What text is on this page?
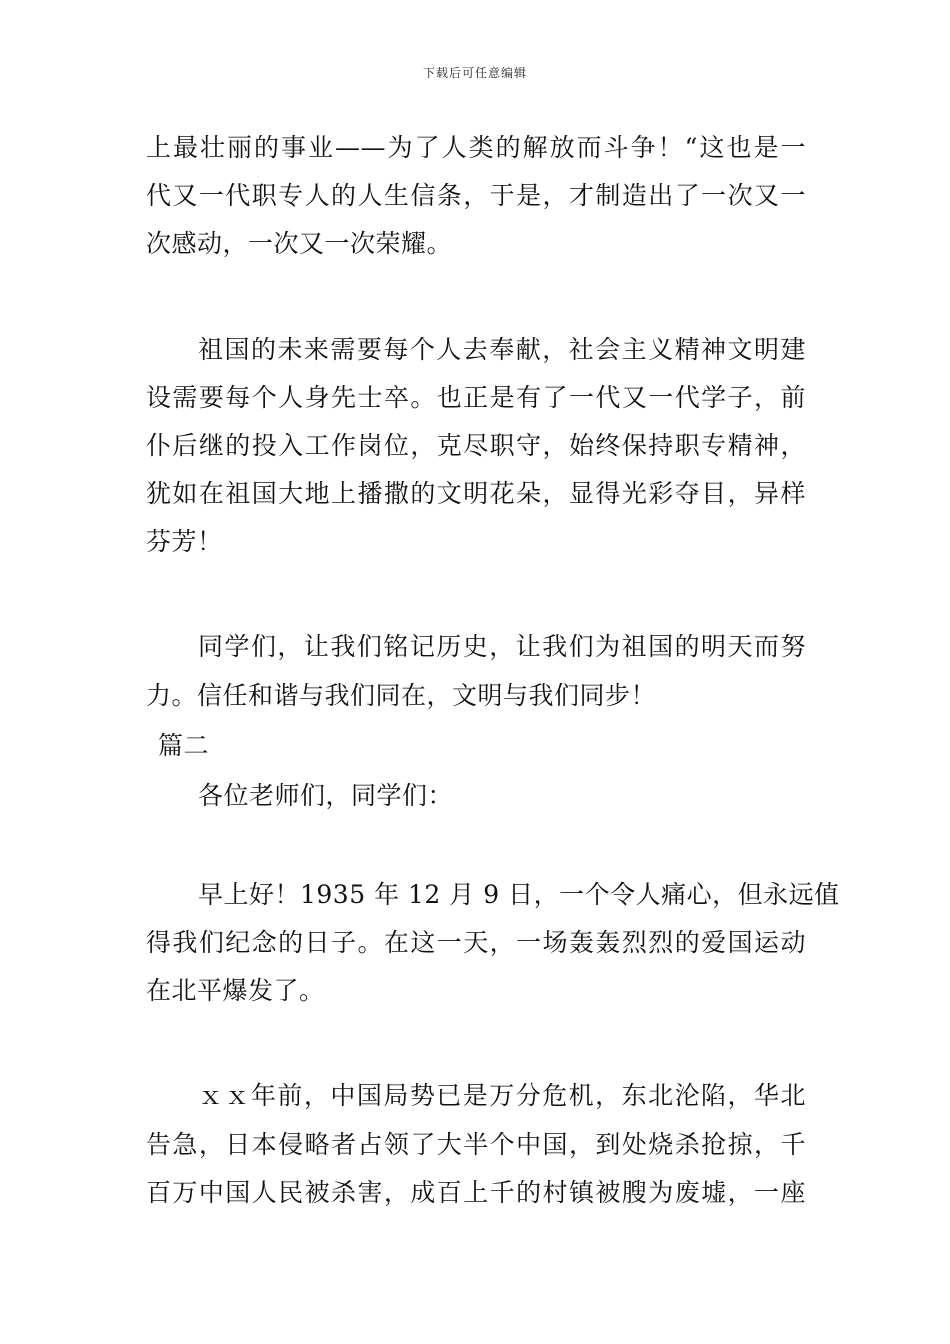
下载后可任意编辑
上最壮丽的事业——为了人类的解放而斗争！“这也是一
代又一代职专人的人生信条，于是，才制造出了一次又一
次感动，一次又一次荣耀。
祖国的未来需要每个人去奉献，社会主义精神文明建
设需要每个人身先士卒。也正是有了一代又一代学子，前
仆后继的投入工作岗位，克尽职守，始终保持职专精神，
犹如在祖国大地上播撒的文明花朵，显得光彩夺目，异样
芬芳！
同学们，让我们铭记历史，让我们为祖国的明天而努
力。信任和谐与我们同在，文明与我们同步！
篇二
各位老师们，同学们：
早上好！1935 年 12 月 9 日，一个令人痛心，但永远值
得我们纪念的日子。在这一天，一场轰轰烈烈的爱国运动
在北平爆发了。
ｘｘ年前，中国局势已是万分危机，东北沦陷，华北
告急，日本侵略者占领了大半个中国，到处烧杀抢掠，千
百万中国人民被杀害，成百上千的村镇被膄为废墟，一座
